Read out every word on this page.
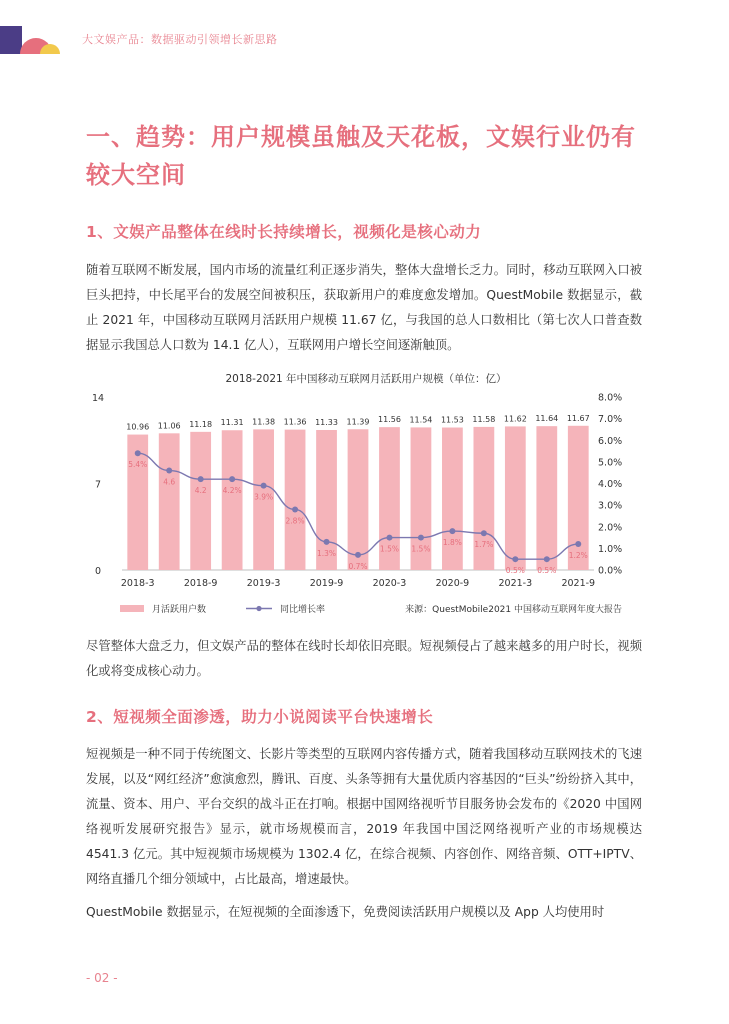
大文娱产品：数据驱动引领增长新思路
一、趋势：用户规模虽触及天花板，文娱行业仍有较大空间
1、文娱产品整体在线时长持续增长，视频化是核心动力

随着互联网不断发展，国内市场的流量红利正逐步消失，整体大盘增长乏力。同时，移动互联网入口被巨头把持，中长尾平台的发展空间被积压，获取新用户的难度愈发增加。QuestMobile 数据显示，截止 2021 年，中国移动互联网月活跃用户规模 11.67 亿，与我国的总人口数相比（第七次人口普查数据显示我国总人口数为 14.1 亿人），互联网用户增长空间逐渐触顶。

2018-2021 年中国移动互联网月活跃用户规模（单位：亿）
0
7
14
0.0%
1.0%
2.0%
3.0%
4.0%
5.0%
6.0%
7.0%
8.0%
10.96 11.06 11.18 11.31 11.38 11.36 11.33 11.39 11.56 11.54 11.53 11.58 11.62 11.64 11.67
5.4%
4.6
4.2 4.2%
3.9%
2.8%
1.3%
0.7%
1.5% 1.5%
1.8% 1.7%
0.5% 0.5%
1.2%
2018-3	2018-9	2019-3	2019-9	2020-3	2020-9	2021-3	2021-9
月活跃用户数	同比增长率	来源：QuestMobile2021 中国移动互联网年度大报告

尽管整体大盘乏力，但文娱产品的整体在线时长却依旧亮眼。短视频侵占了越来越多的用户时长，视频化或将变成核心动力。

2、短视频全面渗透，助力小说阅读平台快速增长

短视频是一种不同于传统图文、长影片等类型的互联网内容传播方式，随着我国移动互联网技术的飞速发展，以及“网红经济”愈演愈烈，腾讯、百度、头条等拥有大量优质内容基因的“巨头”纷纷挤入其中，流量、资本、用户、平台交织的战斗正在打响。根据中国网络视听节目服务协会发布的《2020 中国网络视听发展研究报告》显示，就市场规模而言，2019 年我国中国泛网络视听产业的市场规模达 4541.3 亿元。其中短视频市场规模为 1302.4 亿，在综合视频、内容创作、网络音频、OTT+IPTV、网络直播几个细分领域中，占比最高，增速最快。

QuestMobile 数据显示，在短视频的全面渗透下，免费阅读活跃用户规模以及 App 人均使用时

- 02 -
